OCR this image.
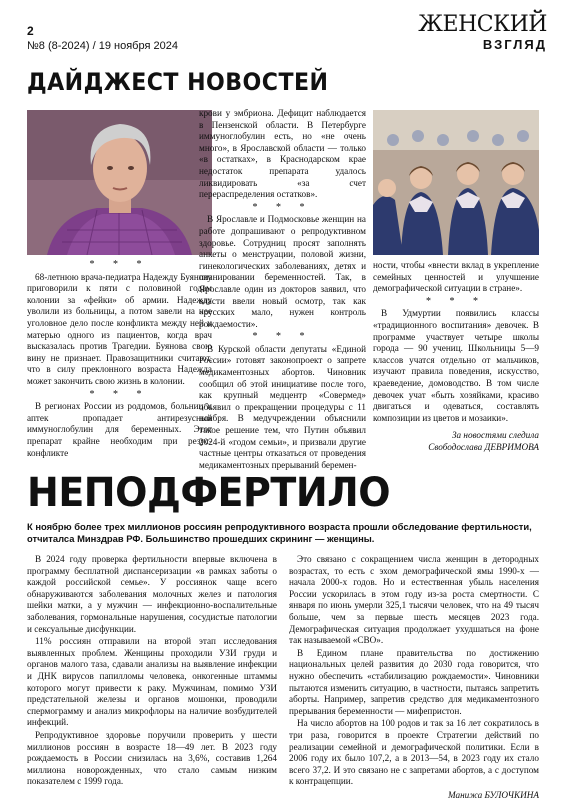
2
№8 (8-2024) / 19 ноября 2024
ЖЕНСКИЙ
ВЗГЛЯД
ДАЙДЖЕСТ НОВОСТЕЙ
* * *

68-летнюю врача-педиатра Надежду Буянову приговорили к пяти с половиной годам колонии за «фейки» об армии. Надежду уволили из больницы, а потом завели на нее уголовное дело после конфликта между ней и матерью одного из пациентов, когда врач высказалась против Трагедии. Буянова свою вину не признает. Правозащитники считают, что в силу преклонного возраста Надежда может закончить свою жизнь в колонии.

* * *

В регионах России из роддомов, больниц и аптек пропадает антирезусный иммуноглобулин для беременных. Этот препарат крайне необходим при резус-конфликте

крови у эмбриона. Дефицит наблюдается в Пензенской области. В Петербурге иммуноглобулин есть, но «не очень много», в Ярославской области — только «в остатках», в Краснодарском крае недостаток препарата удалось ликвидировать «за счет перераспределения остатков».

* * *

В Ярославле и Подмосковье женщин на работе допрашивают о репродуктивном здоровье. Сотрудниц просят заполнять анкеты о менструации, половой жизни, гинекологических заболеваниях, детях и планировании беременностей. Так, в Ярославле один из докторов заявил, что власти ввели новый осмотр, так как «русских мало, нужен контроль рождаемости».

* * *

В Курской области депутаты «Единой России» готовят законопроект о запрете медикаментозных абортов. Чиновник сообщил об этой инициативе после того, как крупный медцентр «Совермед» объявил о прекращении процедуры с 11 ноября. В медучреждении объяснили такое решение тем, что Путин объявил 2024-й «годом семьи», и призвали другие частные центры отказаться от проведения медикаментозных прерываний беремен-

ности, чтобы «внести вклад в укрепление семейных ценностей и улучшение демографической ситуации в стране».

* * *

В Удмуртии появились классы «традиционного воспитания» девочек. В программе участвует четыре школы города — 90 учениц. Школьницы 5—9 классов учатся отдельно от мальчиков, изучают правила поведения, искусство, краеведение, домоводство. В том числе девочек учат «быть хозяйками, красиво двигаться и одеваться, составлять композиции из цветов и мозаики».

За новостями следила
Свободослава ДЕВРИМОВА
НЕПОДФЕРТИЛО
К ноябрю более трех миллионов россиян репродуктивного возраста прошли обследование фертильности, отчиталса Минздрав РФ. Большинство прошедших скрининг — женщины.

В 2024 году проверка фертильности впервые включена в программу бесплатной диспансеризации «в рамках заботы о каждой российской семье». У россиянок чаще всего обнаруживаются заболевания молочных желез и патология шейки матки, а у мужчин — инфекционно-воспалительные заболевания, гормональные нарушения, сосудистые патологии и сексуальные дисфункции.

11% россиян отправили на второй этап исследования выявленных проблем. Женщины проходили УЗИ груди и органов малого таза, сдавали анализы на выявление инфекции и ДНК вирусов папилломы человека, онкогенные штаммы которого могут привести к раку. Мужчинам, помимо УЗИ предстательной железы и органов мошонки, проводили спермограмму и анализ микрофлоры на наличие возбудителей инфекций.

Репродуктивное здоровье поручили проверить у шести миллионов россиян в возрасте 18—49 лет. В 2023 году рождаемость в России снизилась на 3,6%, составив 1,264 миллиона новорожденных, что стало самым низким показателем с 1999 года.

Это связано с сокращением числа женщин в детородных возрастах, то есть с эхом демографической ямы 1990-х — начала 2000-х годов. Но и естественная убыль населения России ускорилась в этом году из-за роста смертности. С января по июнь умерли 325,1 тысячи человек, что на 49 тысяч больше, чем за первые шесть месяцев 2023 года. Демографическая ситуация продолжает ухудшаться на фоне так называемой «СВО».

В Едином плане правительства по достижению национальных целей развития до 2030 года говорится, что нужно обеспечить «стабилизацию рождаемости». Чиновники пытаются изменить ситуацию, в частности, пытаясь запретить аборты. Например, запретив средство для медикаментозного прерывания беременности — мифепристон.

На число абортов на 100 родов и так за 16 лет сократилось в три раза, говорится в проекте Стратегии действий по реализации семейной и демографической политики. Если в 2006 году их было 107,2, а в 2013—54, в 2023 году их стало всего 37,2. И это связано не с запретами абортов, а с доступом к контрацепции.

Манижа БУЛОЧКИНА
